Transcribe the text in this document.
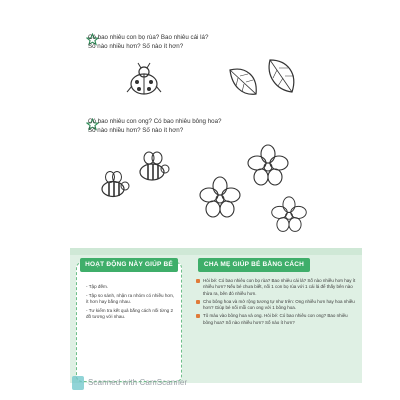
Có bao nhiêu con bọ rùa? Bao nhiêu cái lá?
Số nào nhiều hơn? Số nào ít hơn?
Có bao nhiêu con ong? Có bao nhiêu bông hoa?
Số nào nhiều hơn? Số nào ít hơn?
HOẠT ĐỘNG NÀY GIÚP BÉ	CHA MẸ GIÚP BÉ BẰNG CÁCH
- Tập đếm.
- Tập so sánh, nhận ra nhóm có nhiều hơn, ít hơn hay bằng nhau.
- Tư kiểm tra kết quả bằng cách nối từng 2 đồ tương với nhau.
Hỏi bé: Có bao nhiêu con bọ rùa? Bao nhiêu cái lá? Số nào nhiều hơn hay ít nhiều hơn? Nếu bé chưa biết, nối 1 con bọ rùa với 1 cái lá để thấy bên nào thừa ra, bên đó nhiều hơn.
Cho bông hoa và mở rộng tương tự như trên: Ong nhiều hơn hay hoa nhiều hơn? Giúp bé nối mỗi con ong với 1 bông hoa.
Tô màu vào bông hoa và ong. Hỏi bé: Có bao nhiêu con ong? Bao nhiêu bông hoa? Số nào nhiều hơn? Số nào ít hơn?
Scanned with CamScanner
